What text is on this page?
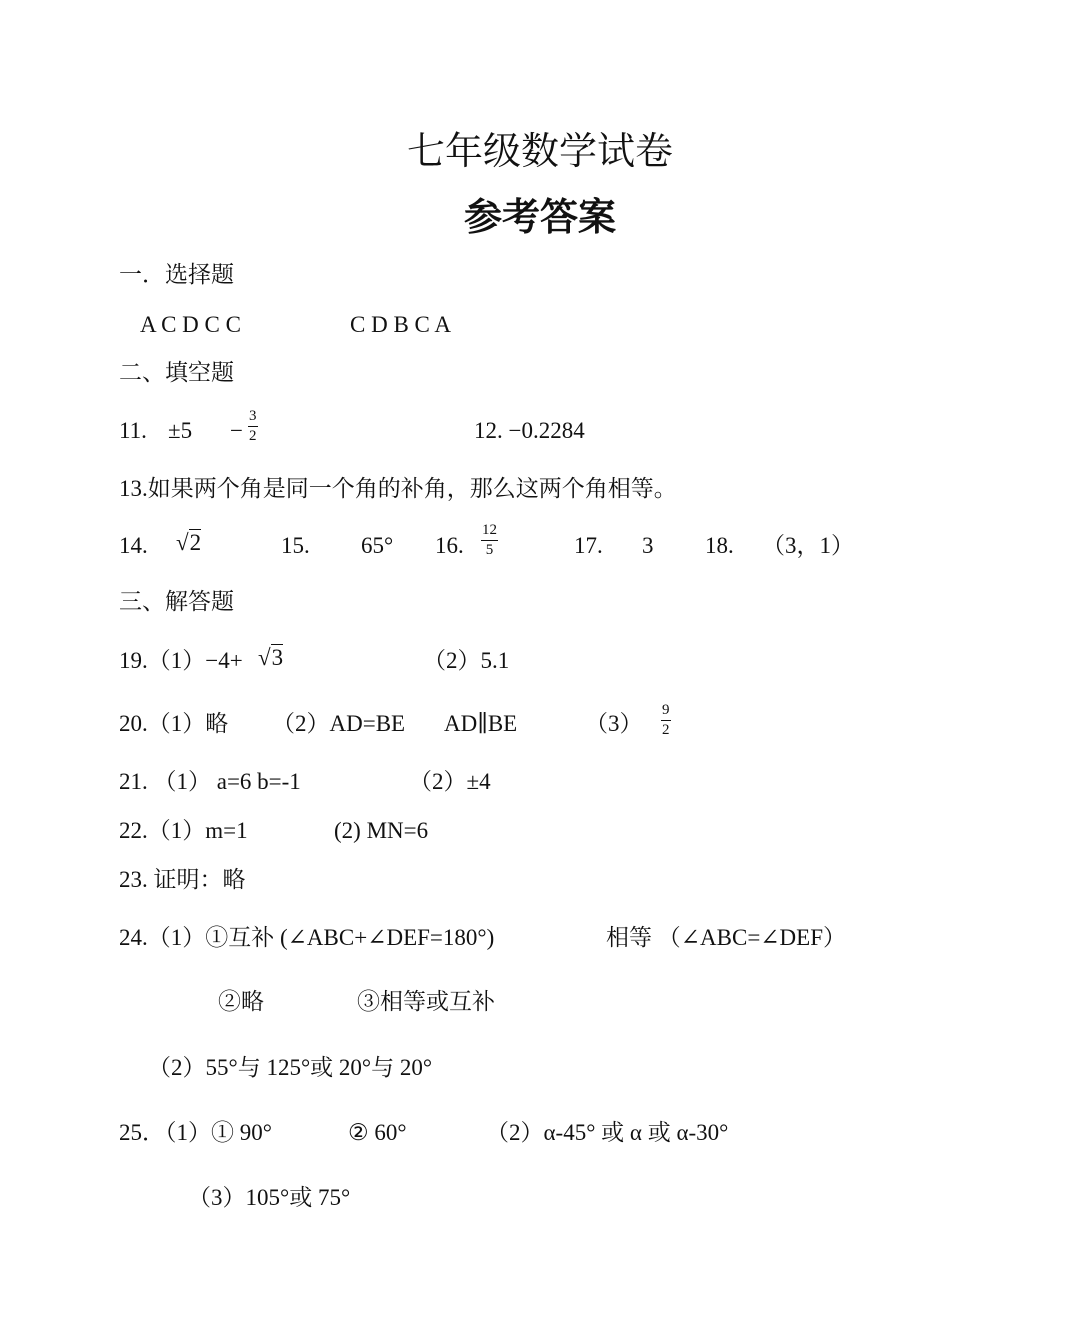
七年级数学试卷
参考答案
一．选择题
A C D C C	C D B C A
二、填空题
11. ±5 −
3
2	12. −0.2284
13.如果两个角是同一个角的补角，那么这两个角相等。
14. √2	15. 65° 16.
12
5	17. 3 18. （3，1）
三、解答题
19.（1）−4+ √3	（2）5.1
20.（1）略 （2）AD=BE AD∥BE	（3）
9
2
21. （1） a=6 b=-1	（2）±4
22.（1）m=1	(2) MN=6
23. 证明：略
24.（1）①互补 (∠ABC+∠DEF=180°)	相等 （∠ABC=∠DEF）
②略	③相等或互补
（2）55°与 125°或 20°与 20°
25．（1）① 90°	② 60°	（2）α-45° 或 α 或 α-30°
（3）105°或 75°
